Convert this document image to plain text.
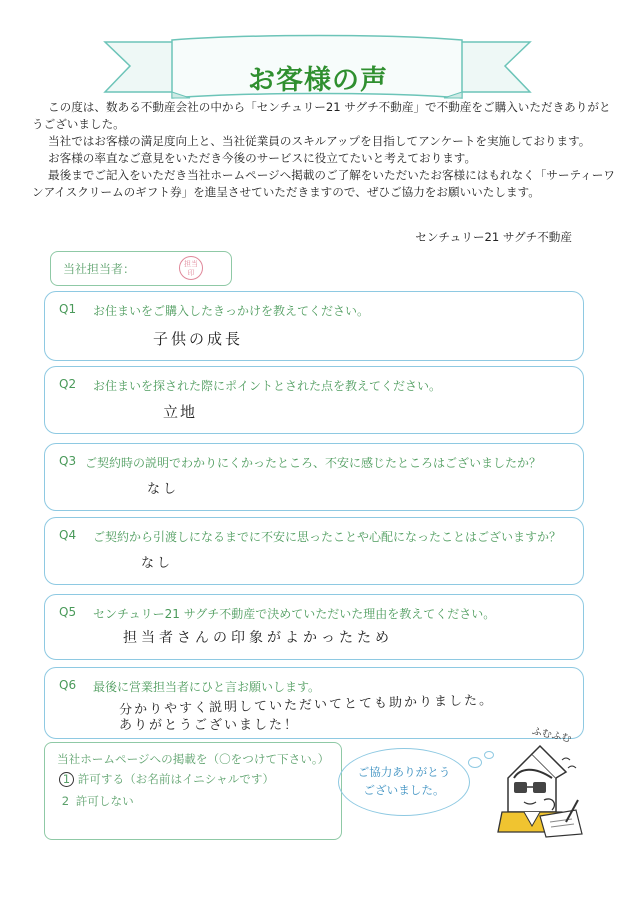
お客様の声

この度は、数ある不動産会社の中から「センチュリー21 サグチ不動産」で不動産をご購入いただきありがと

うございました。

当社ではお客様の満足度向上と、当社従業員のスキルアップを目指してアンケートを実施しております。

お客様の率直なご意見をいただき今後のサービスに役立てたいと考えております。

最後までご記入をいただき当社ホームページへ掲載のご了解をいただいたお客様にはもれなく「サーティーワ

ンアイスクリームのギフト券」を進呈させていただきますので、ぜひご協力をお願いいたします。

センチュリー21 サグチ不動産
当社担当者：	担当
印
Q1 お住まいをご購入したきっかけを教えてください。
子供の成長
Q2 お住まいを探された際にポイントとされた点を教えてください。
立地
Q3 ご契約時の説明でわかりにくかったところ、不安に感じたところはございましたか？
なし
Q4 ご契約から引渡しになるまでに不安に思ったことや心配になったことはございますか？
なし
Q5 センチュリー21 サグチ不動産で決めていただいた理由を教えてください。
担当者さんの印象がよかったため
Q6 最後に営業担当者にひと言お願いします。
分かりやすく説明していただいてとても助かりました。
ありがとうございました！
当社ホームページへの掲載を（〇をつけて下さい。）
1 許可する（お名前はイニシャルです）
2 許可しない
ご協力ありがとう
ございました。
ふむふむ
